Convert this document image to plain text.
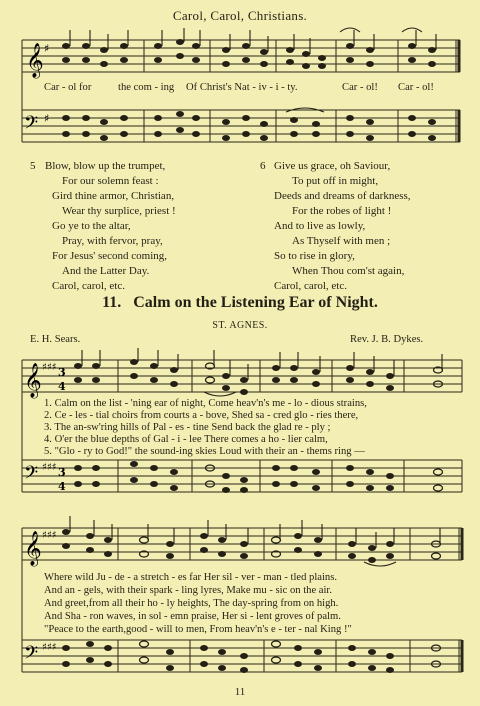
Carol, Carol, Christians.
𝄞 ♯
𝄢 ♯
Car - ol for	the com - ing Of Christ's Nat - iv - i - ty.	Car - ol! Car - ol!
5 Blow, blow up the trumpet,
For our solemn feast :
Gird thine armor, Christian,
Wear thy surplice, priest !
Go ye to the altar,
Pray, with fervor, pray,
For Jesus' second coming,
And the Latter Day.
Carol, carol, etc.
6 Give us grace, oh Saviour,
To put off in might,
Deeds and dreams of darkness,
For the robes of light !
And to live as lowly,
As Thyself with men ;
So to rise in glory,
When Thou com'st again,
Carol, carol, etc.
11. Calm on the Listening Ear of Night.
ST. AGNES.
E. H. Sears.	Rev. J. B. Dykes.
𝄞 ♯♯♯ 3
4
𝄢 ♯♯♯ 3
4
1. Calm on the list - 'ning ear of night, Come heav'n's me - lo - dious strains,
2. Ce - les - tial choirs from courts a - bove, Shed sa - cred glo - ries there,
3. The an-sw'ring hills of Pal - es - tine Send back the glad re - ply ;
4. O'er the blue depths of Gal - i - lee There comes a ho - lier calm,
5. "Glo - ry to God!" the sound-ing skies Loud with their an - thems ring —
𝄞 ♯♯♯
𝄢 ♯♯♯
Where wild Ju - de - a stretch - es far Her sil - ver - man - tled plains.
And an - gels, with their spark - ling lyres, Make mu - sic on the air.
And greet,from all their ho - ly heights, The day-spring from on high.
And Sha - ron waves, in sol - emn praise, Her si - lent groves of palm.
"Peace to the earth,good - will to men, From heav'n's e - ter - nal King !"
11
